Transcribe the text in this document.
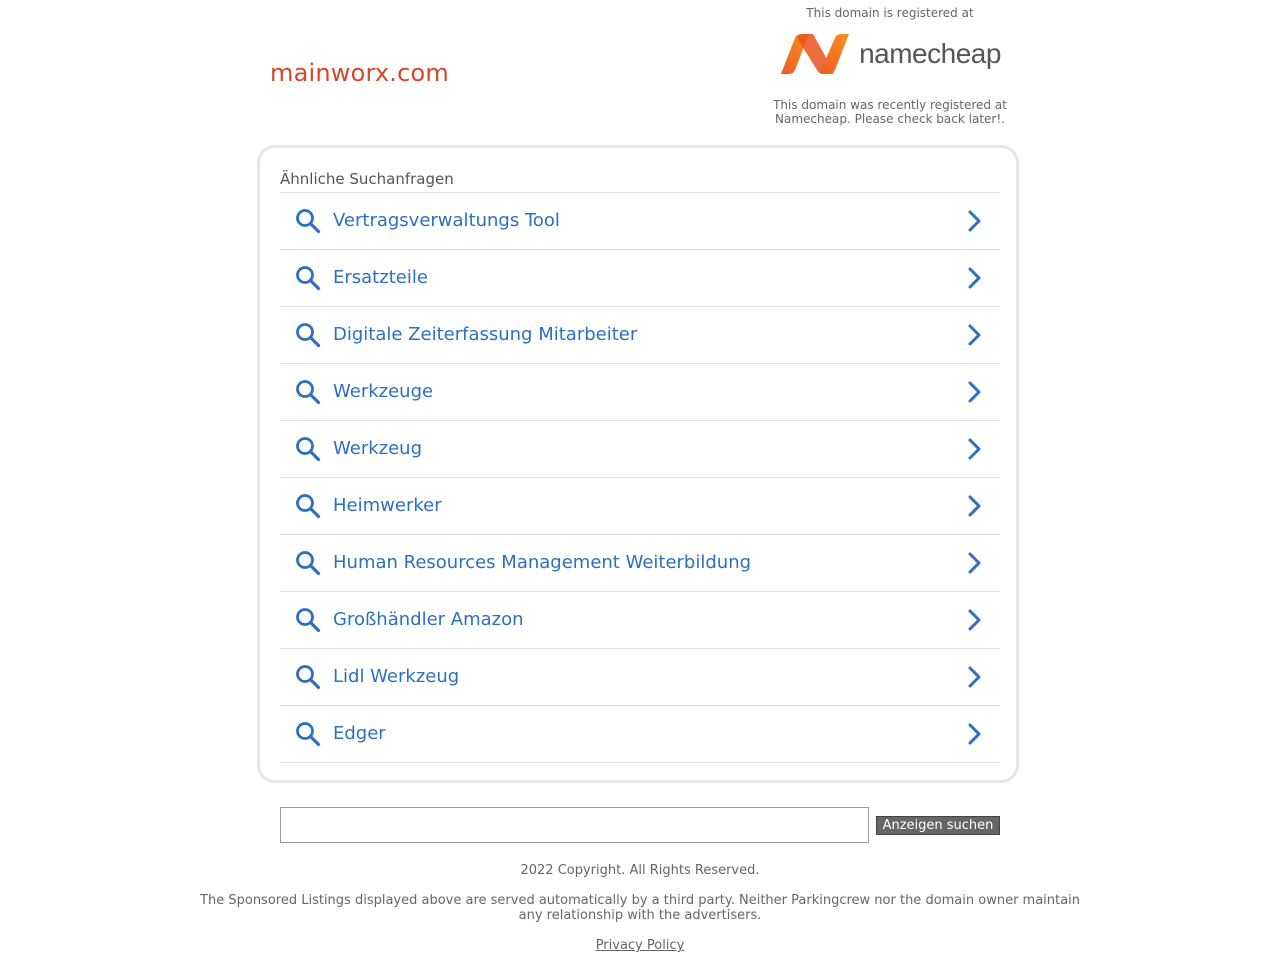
mainworx.com
This domain is registered at
namecheap
This domain was recently registered at Namecheap. Please check back later!.
Ähnliche Suchanfragen
Vertragsverwaltungs Tool
Ersatzteile
Digitale Zeiterfassung Mitarbeiter
Werkzeuge
Werkzeug
Heimwerker
Human Resources Management Weiterbildung
Großhändler Amazon
Lidl Werkzeug
Edger
Anzeigen suchen
2022 Copyright. All Rights Reserved.
The Sponsored Listings displayed above are served automatically by a third party. Neither Parkingcrew nor the domain owner maintain any relationship with the advertisers.
Privacy Policy
